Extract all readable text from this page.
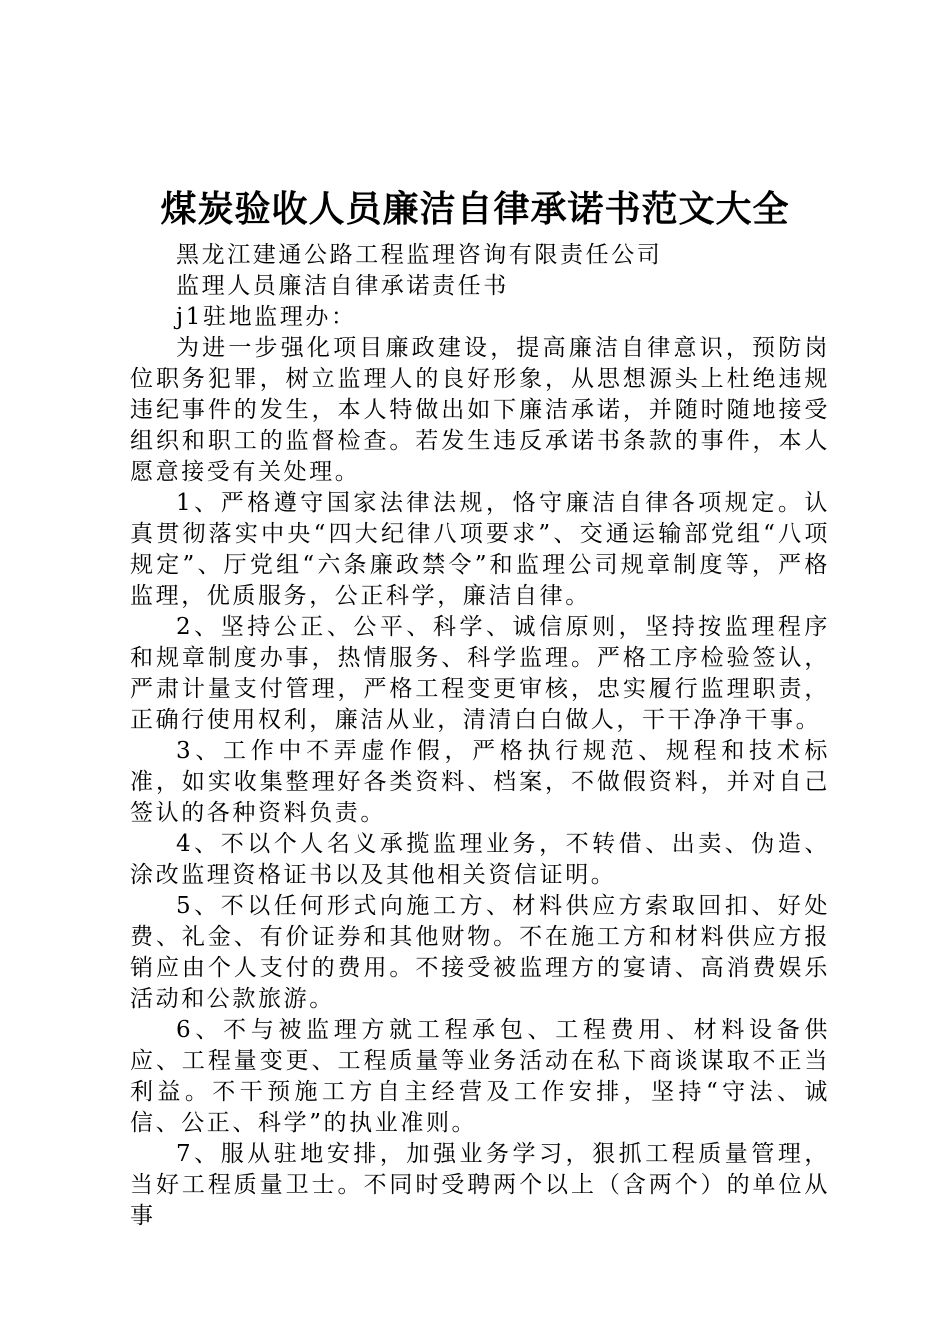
煤炭验收人员廉洁自律承诺书范文大全

黑龙江建通公路工程监理咨询有限责任公司

监理人员廉洁自律承诺责任书

j1驻地监理办：

为进一步强化项目廉政建设，提高廉洁自律意识，预防岗位职务犯罪，树立监理人的良好形象，从思想源头上杜绝违规违纪事件的发生，本人特做出如下廉洁承诺，并随时随地接受组织和职工的监督检查。若发生违反承诺书条款的事件，本人愿意接受有关处理。

1、严格遵守国家法律法规，恪守廉洁自律各项规定。认真贯彻落实中央“四大纪律八项要求”、交通运输部党组“八项规定”、厅党组“六条廉政禁令”和监理公司规章制度等，严格监理，优质服务，公正科学，廉洁自律。

2、坚持公正、公平、科学、诚信原则，坚持按监理程序和规章制度办事，热情服务、科学监理。严格工序检验签认，严肃计量支付管理，严格工程变更审核，忠实履行监理职责，正确行使用权利，廉洁从业，清清白白做人，干干净净干事。

3、工作中不弄虚作假，严格执行规范、规程和技术标准，如实收集整理好各类资料、档案，不做假资料，并对自己签认的各种资料负责。

4、不以个人名义承揽监理业务，不转借、出卖、伪造、涂改监理资格证书以及其他相关资信证明。

5、不以任何形式向施工方、材料供应方索取回扣、好处费、礼金、有价证券和其他财物。不在施工方和材料供应方报销应由个人支付的费用。不接受被监理方的宴请、高消费娱乐活动和公款旅游。

6、不与被监理方就工程承包、工程费用、材料设备供应、工程量变更、工程质量等业务活动在私下商谈谋取不正当利益。不干预施工方自主经营及工作安排，坚持“守法、诚信、公正、科学”的执业准则。

7、服从驻地安排，加强业务学习，狠抓工程质量管理，当好工程质量卫士。不同时受聘两个以上（含两个）的单位从事
